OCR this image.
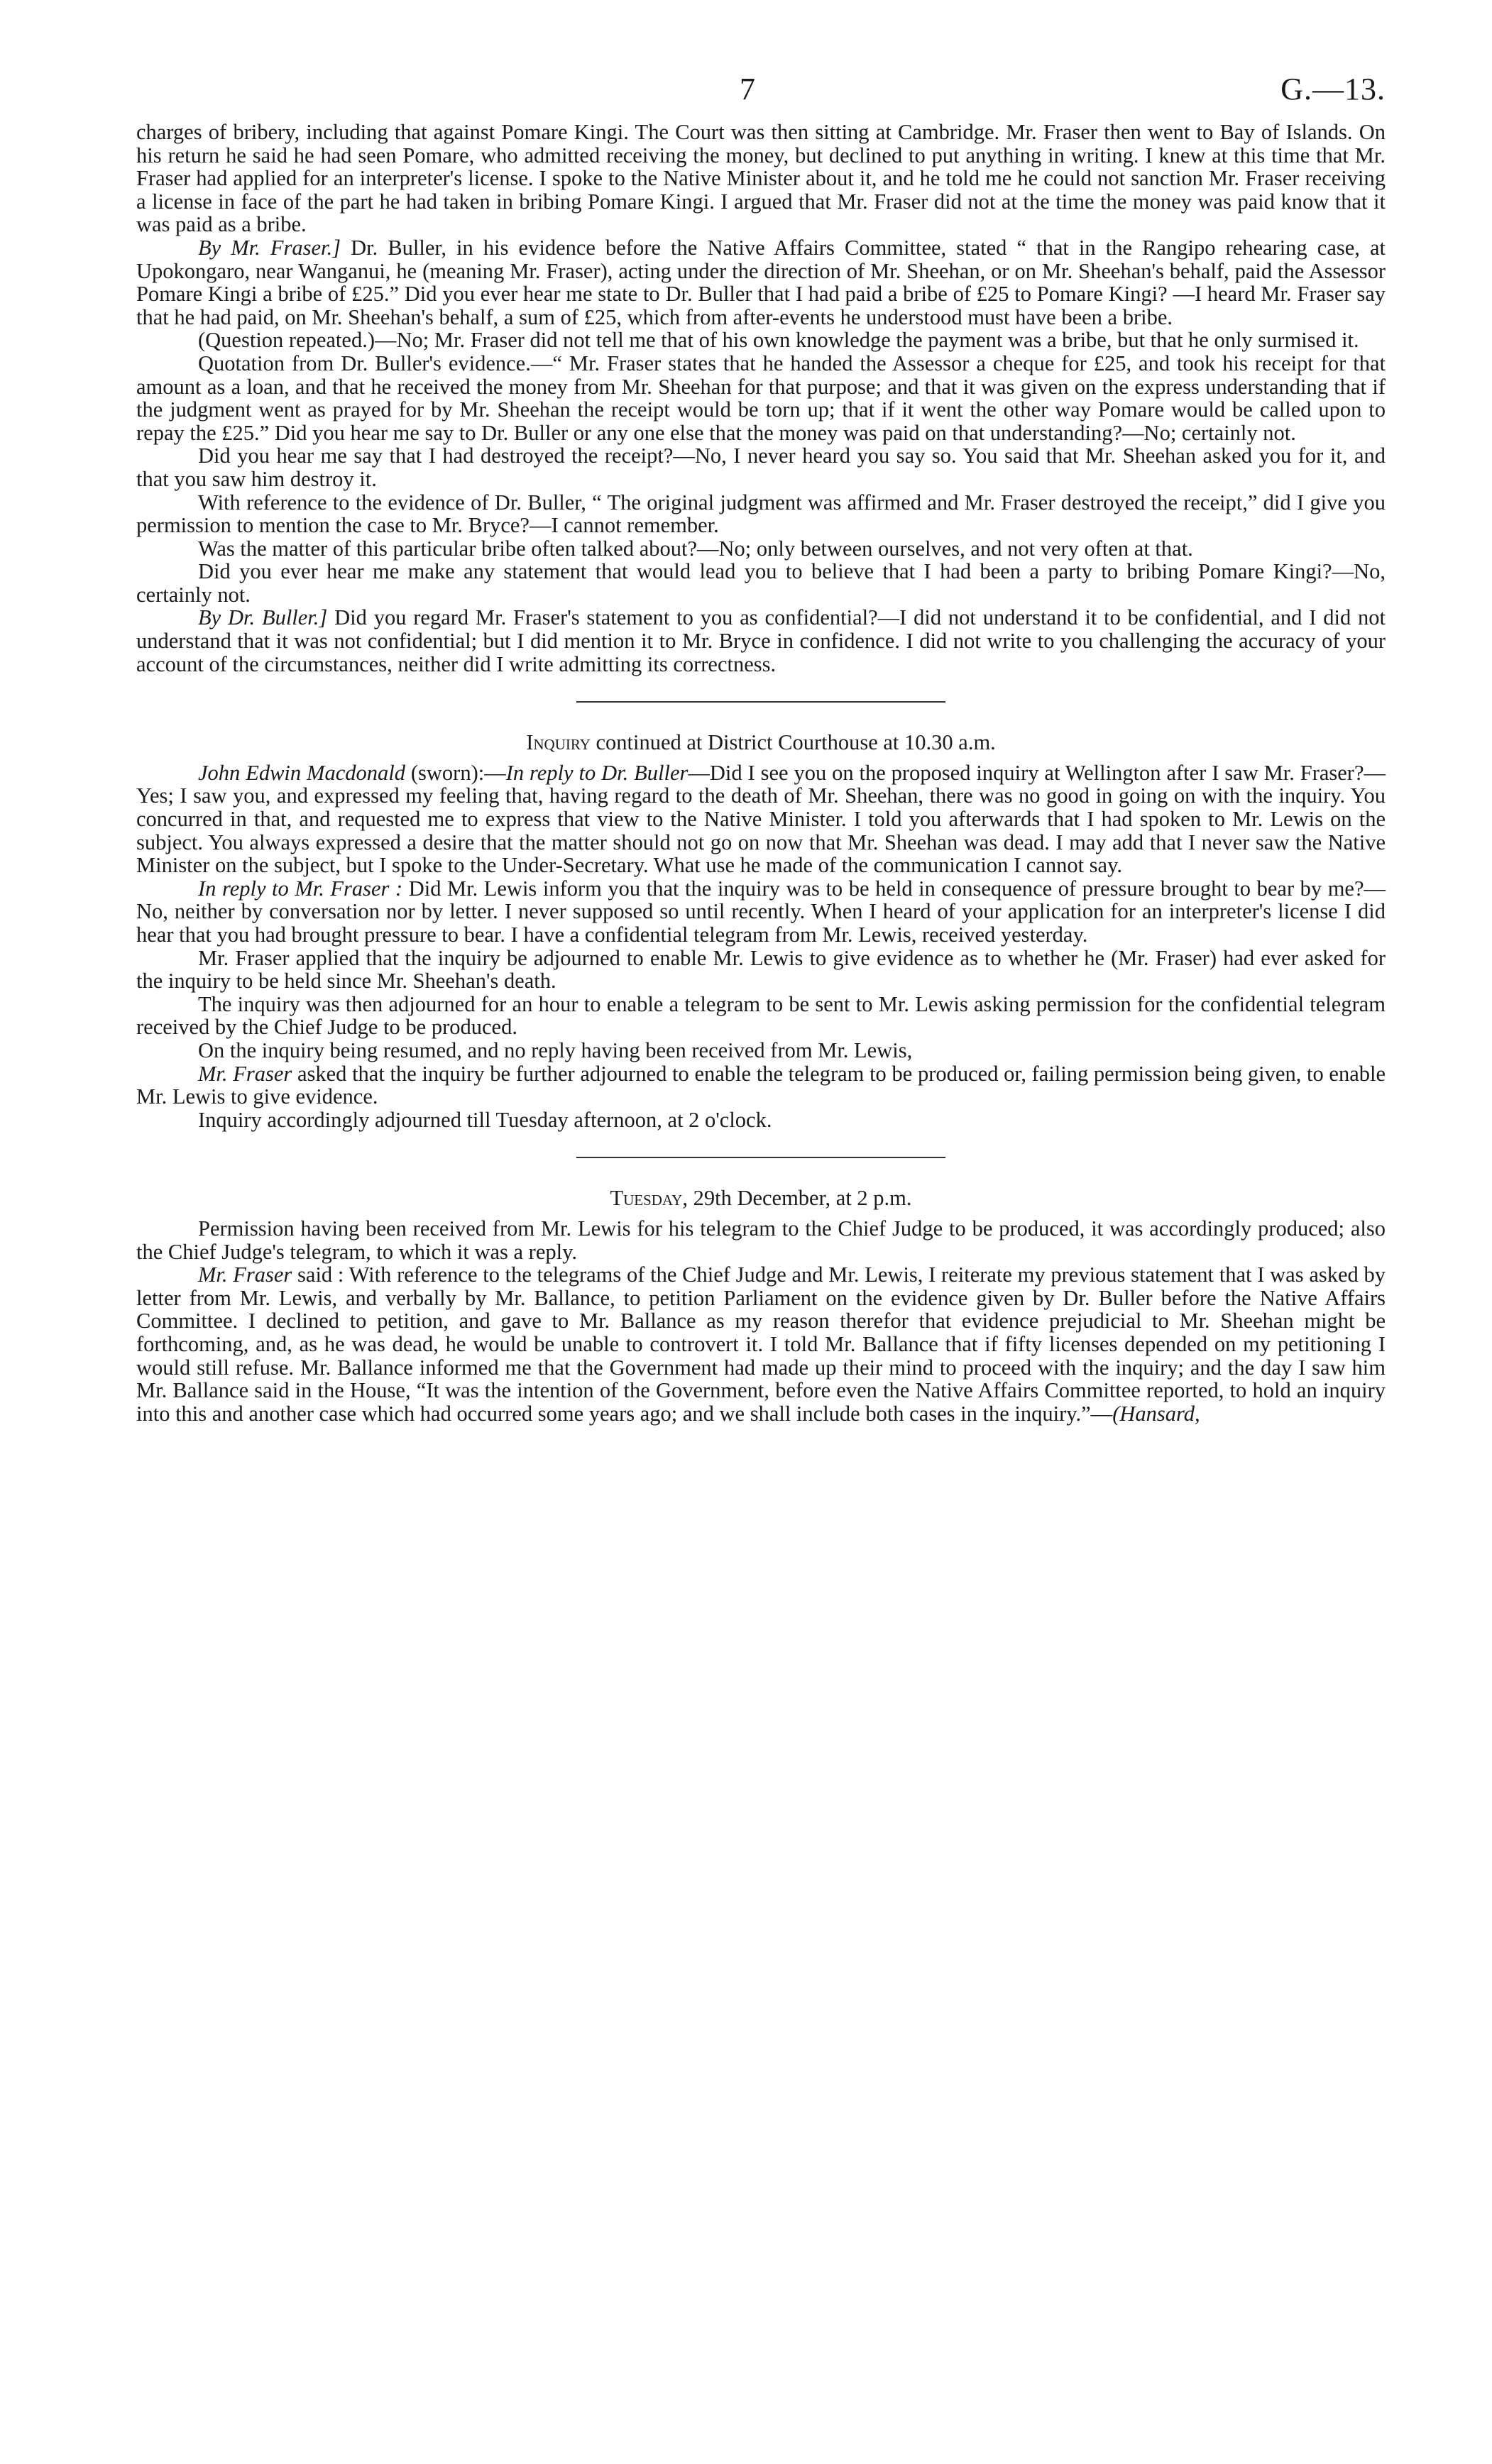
7	G.—13.

charges of bribery, including that against Pomare Kingi. The Court was then sitting at Cambridge. Mr. Fraser then went to Bay of Islands. On his return he said he had seen Pomare, who admitted receiving the money, but declined to put anything in writing. I knew at this time that Mr. Fraser had applied for an interpreter's license. I spoke to the Native Minister about it, and he told me he could not sanction Mr. Fraser receiving a license in face of the part he had taken in bribing Pomare Kingi. I argued that Mr. Fraser did not at the time the money was paid know that it was paid as a bribe.

By Mr. Fraser.] Dr. Buller, in his evidence before the Native Affairs Committee, stated “ that in the Rangipo rehearing case, at Upokongaro, near Wanganui, he (meaning Mr. Fraser), acting under the direction of Mr. Sheehan, or on Mr. Sheehan's behalf, paid the Assessor Pomare Kingi a bribe of £25.” Did you ever hear me state to Dr. Buller that I had paid a bribe of £25 to Pomare Kingi? —I heard Mr. Fraser say that he had paid, on Mr. Sheehan's behalf, a sum of £25, which from after-events he understood must have been a bribe.

(Question repeated.)—No; Mr. Fraser did not tell me that of his own knowledge the payment was a bribe, but that he only surmised it.

Quotation from Dr. Buller's evidence.—“ Mr. Fraser states that he handed the Assessor a cheque for £25, and took his receipt for that amount as a loan, and that he received the money from Mr. Sheehan for that purpose; and that it was given on the express understanding that if the judgment went as prayed for by Mr. Sheehan the receipt would be torn up; that if it went the other way Pomare would be called upon to repay the £25.” Did you hear me say to Dr. Buller or any one else that the money was paid on that understanding?—No; certainly not.

Did you hear me say that I had destroyed the receipt?—No, I never heard you say so. You said that Mr. Sheehan asked you for it, and that you saw him destroy it.

With reference to the evidence of Dr. Buller, “ The original judgment was affirmed and Mr. Fraser destroyed the receipt,” did I give you permission to mention the case to Mr. Bryce?—I cannot remember.

Was the matter of this particular bribe often talked about?—No; only between ourselves, and not very often at that.

Did you ever hear me make any statement that would lead you to believe that I had been a party to bribing Pomare Kingi?—No, certainly not.

By Dr. Buller.] Did you regard Mr. Fraser's statement to you as confidential?—I did not understand it to be confidential, and I did not understand that it was not confidential; but I did mention it to Mr. Bryce in confidence. I did not write to you challenging the accuracy of your account of the circumstances, neither did I write admitting its correctness.

Inquiry continued at District Courthouse at 10.30 a.m.

John Edwin Macdonald (sworn):—In reply to Dr. Buller—Did I see you on the proposed inquiry at Wellington after I saw Mr. Fraser?—Yes; I saw you, and expressed my feeling that, having regard to the death of Mr. Sheehan, there was no good in going on with the inquiry. You concurred in that, and requested me to express that view to the Native Minister. I told you afterwards that I had spoken to Mr. Lewis on the subject. You always expressed a desire that the matter should not go on now that Mr. Sheehan was dead. I may add that I never saw the Native Minister on the subject, but I spoke to the Under-Secretary. What use he made of the communication I cannot say.

In reply to Mr. Fraser : Did Mr. Lewis inform you that the inquiry was to be held in consequence of pressure brought to bear by me?—No, neither by conversation nor by letter. I never supposed so until recently. When I heard of your application for an interpreter's license I did hear that you had brought pressure to bear. I have a confidential telegram from Mr. Lewis, received yesterday.

Mr. Fraser applied that the inquiry be adjourned to enable Mr. Lewis to give evidence as to whether he (Mr. Fraser) had ever asked for the inquiry to be held since Mr. Sheehan's death.

The inquiry was then adjourned for an hour to enable a telegram to be sent to Mr. Lewis asking permission for the confidential telegram received by the Chief Judge to be produced.

On the inquiry being resumed, and no reply having been received from Mr. Lewis,

Mr. Fraser asked that the inquiry be further adjourned to enable the telegram to be produced or, failing permission being given, to enable Mr. Lewis to give evidence.

Inquiry accordingly adjourned till Tuesday afternoon, at 2 o'clock.

Tuesday, 29th December, at 2 p.m.

Permission having been received from Mr. Lewis for his telegram to the Chief Judge to be produced, it was accordingly produced; also the Chief Judge's telegram, to which it was a reply.

Mr. Fraser said : With reference to the telegrams of the Chief Judge and Mr. Lewis, I reiterate my previous statement that I was asked by letter from Mr. Lewis, and verbally by Mr. Ballance, to petition Parliament on the evidence given by Dr. Buller before the Native Affairs Committee. I declined to petition, and gave to Mr. Ballance as my reason therefor that evidence prejudicial to Mr. Sheehan might be forthcoming, and, as he was dead, he would be unable to controvert it. I told Mr. Ballance that if fifty licenses depended on my petitioning I would still refuse. Mr. Ballance informed me that the Government had made up their mind to proceed with the inquiry; and the day I saw him Mr. Ballance said in the House, “It was the intention of the Government, before even the Native Affairs Committee reported, to hold an inquiry into this and another case which had occurred some years ago; and we shall include both cases in the inquiry.”—(Hansard,
